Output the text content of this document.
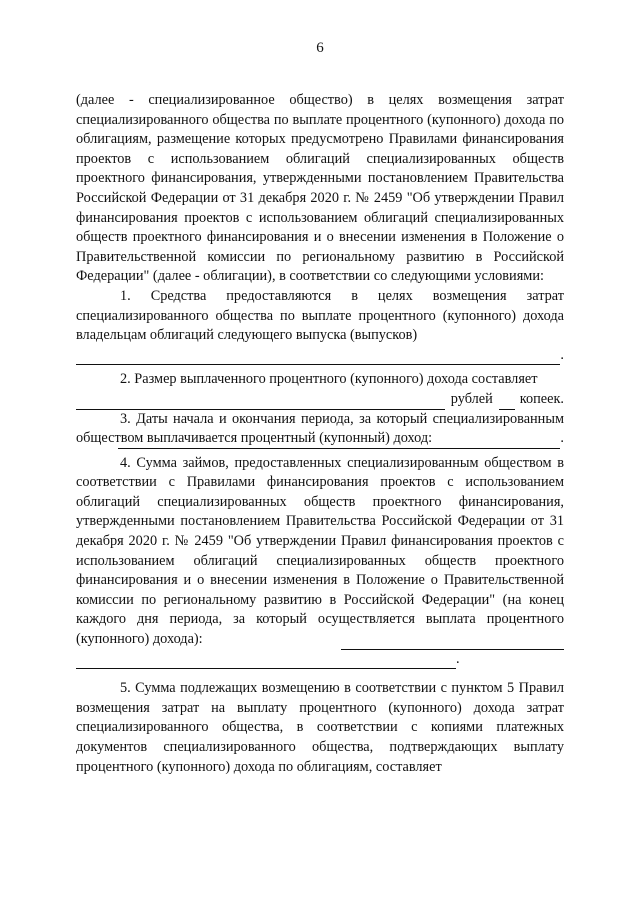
6

(далее - специализированное общество) в целях возмещения затрат специализированного общества по выплате процентного (купонного) дохода по облигациям, размещение которых предусмотрено Правилами финансирования проектов с использованием облигаций специализированных обществ проектного финансирования, утвержденными постановлением Правительства Российской Федерации от 31 декабря 2020 г. № 2459 "Об утверждении Правил финансирования проектов с использованием облигаций специализированных обществ проектного финансирования и о внесении изменения в Положение о Правительственной комиссии по региональному развитию в Российской Федерации" (далее - облигации), в соответствии со следующими условиями:

1. Средства предоставляются в целях возмещения затрат специализированного общества по выплате процентного (купонного) дохода владельцам облигаций следующего выпуска (выпусков)

.

2. Размер выплаченного процентного (купонного) дохода составляет

рублей копеек.

3. Даты начала и окончания периода, за который специализированным обществом выплачивается процентный (купонный) доход:	.

4. Сумма займов, предоставленных специализированным обществом в соответствии с Правилами финансирования проектов с использованием облигаций специализированных обществ проектного финансирования, утвержденными постановлением Правительства Российской Федерации от 31 декабря 2020 г. № 2459 "Об утверждении Правил финансирования проектов с использованием облигаций специализированных обществ проектного финансирования и о внесении изменения в Положение о Правительственной комиссии по региональному развитию в Российской Федерации" (на конец каждого дня периода, за который осуществляется выплата процентного (купонного) дохода):

.

5. Сумма подлежащих возмещению в соответствии с пунктом 5 Правил возмещения затрат на выплату процентного (купонного) дохода затрат специализированного общества, в соответствии с копиями платежных документов специализированного общества, подтверждающих выплату процентного (купонного) дохода по облигациям, составляет
